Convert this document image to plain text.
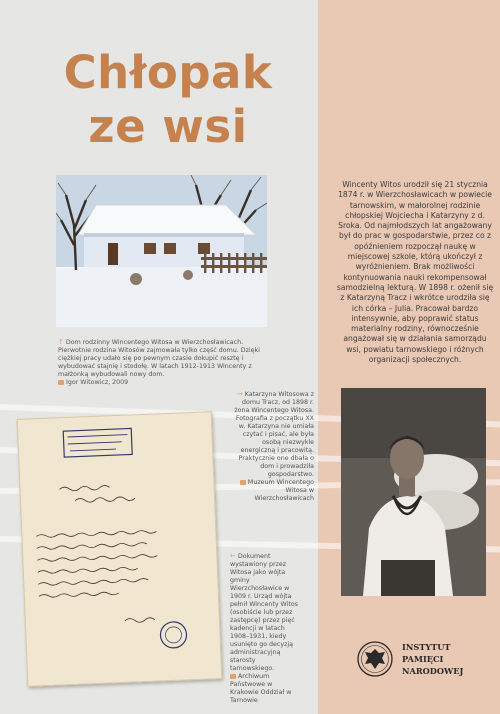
Chłopak
ze wsi
↑ Dom rodzinny Wincentego Witosa w Wierzchosławicach. Pierwotnie rodzina Witosów zajmowała tylko część domu. Dzięki ciężkiej pracy udało się po pewnym czasie dokupić resztę i wybudować stajnię i stodołę. W latach 1912-1913 Wincenty z małżonką wybudowali nowy dom.
Igor Witowicz, 2009
Wincenty Witos urodził się 21 stycznia 1874 r. w Wierzchosławicach w powiecie tarnowskim, w małorolnej rodzinie chłopskiej Wojciecha i Katarzyny z d. Sroka. Od najmłodszych lat angażowany był do prac w gospodarstwie, przez co z opóźnieniem rozpoczął naukę w miejscowej szkole, którą ukończył z wyróżnieniem. Brak możliwości kontynuowania nauki rekompensował samodzielną lekturą. W 1898 r. ożenił się z Katarzyną Tracz i wkrótce urodziła się ich córka – Julia. Pracował bardzo intensywnie, aby poprawić status materialny rodziny, równocześnie angażował się w działania samorządu wsi, powiatu tarnowskiego i różnych organizacji społecznych.
→ Katarzyna Witosowa z domu Tracz, od 1898 r. żona Wincentego Witosa. Fotografia z początku XX w. Katarzyna nie umiała czytać i pisać, ale była osobą niezwykle energiczną i pracowitą. Praktycznie one dbała o dom i prowadziła gospodarstwo.
Muzeum Wincentego Witosa w Wierzchosławicach
← Dokument wystawiony przez Witosa jako wójta gminy Wierzchosławice w 1909 r. Urząd wójta pełnił Wincenty Witos (osobiście lub przez zastępcę) przez pięć kadencji w latach 1908–1931, kiedy usunięto go decyzją administracyjną starosty tarnowskiego.
Archiwum Państwowe w Krakowie Oddział w Tarnowie
INSTYTUT
PAMIĘCI
NARODOWEJ
